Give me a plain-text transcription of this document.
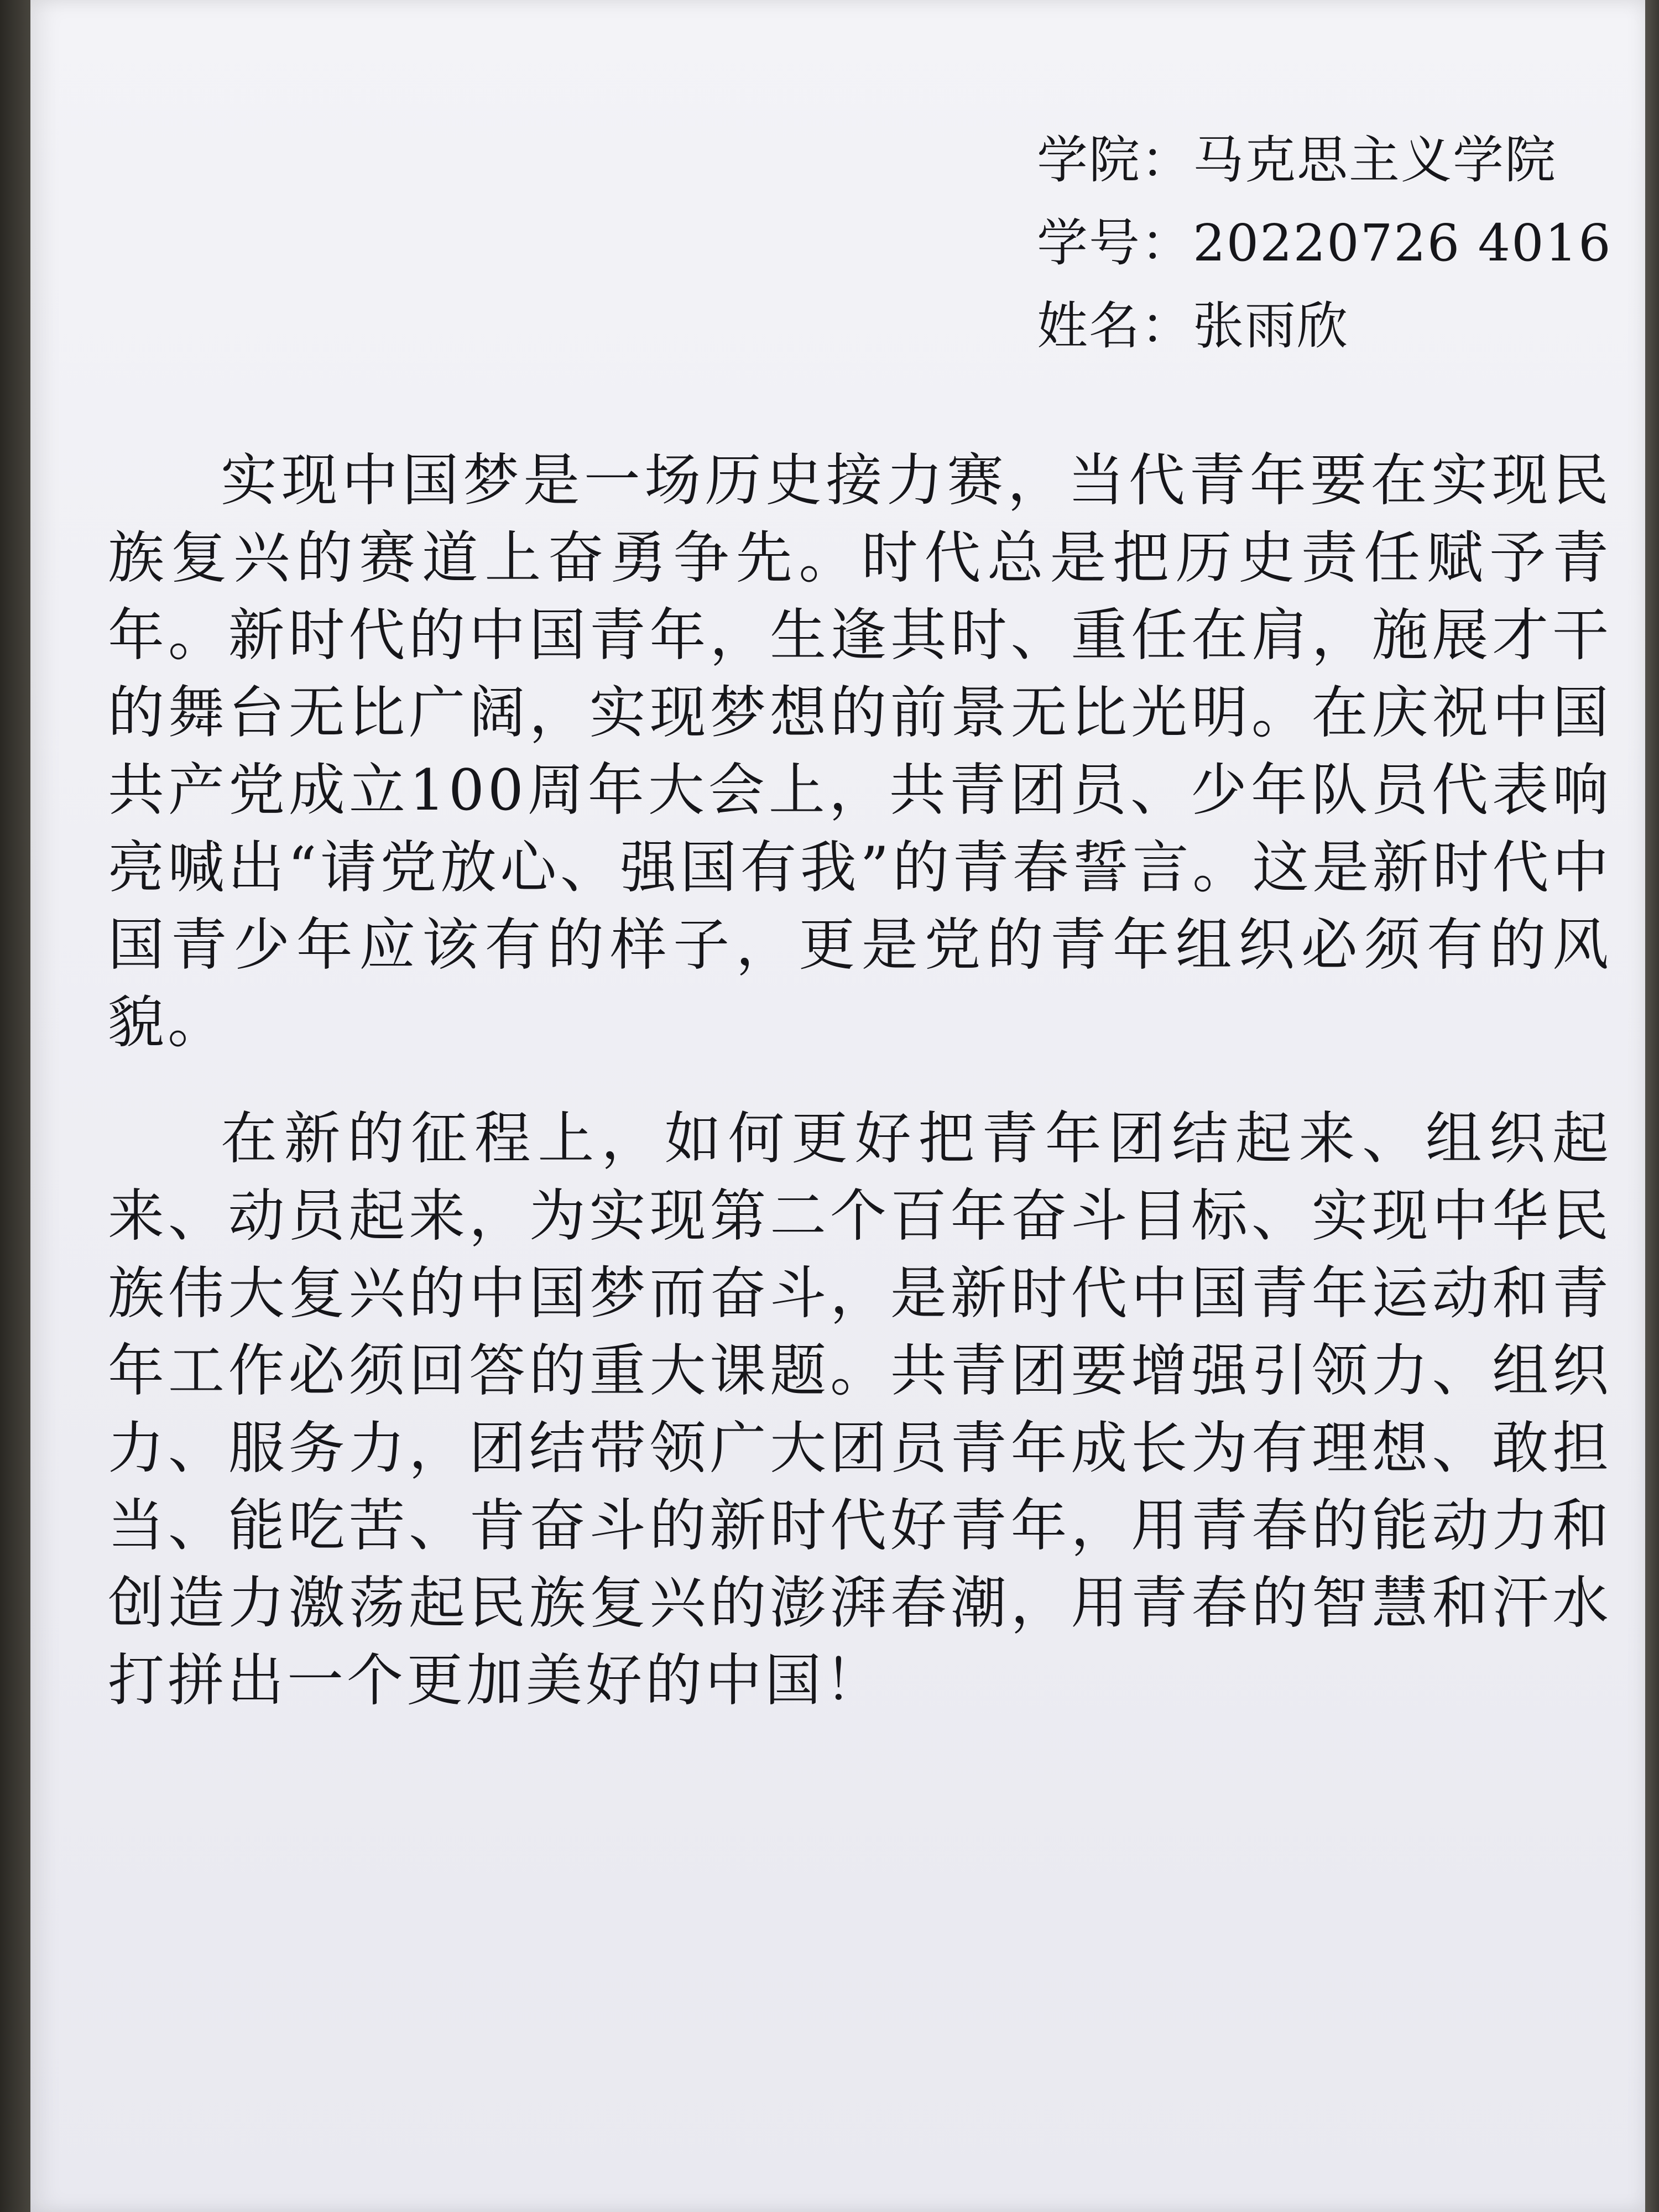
学院：马克思主义学院
学号：20220726 4016
姓名：张雨欣

实现中国梦是一场历史接力赛，当代青年要在实现民族复兴的赛道上奋勇争先。时代总是把历史责任赋予青年。新时代的中国青年，生逢其时、重任在肩，施展才干的舞台无比广阔，实现梦想的前景无比光明。在庆祝中国共产党成立100周年大会上，共青团员、少年队员代表响亮喊出“请党放心、强国有我”的青春誓言。这是新时代中国青少年应该有的样子，更是党的青年组织必须有的风貌。

在新的征程上，如何更好把青年团结起来、组织起来、动员起来，为实现第二个百年奋斗目标、实现中华民族伟大复兴的中国梦而奋斗，是新时代中国青年运动和青年工作必须回答的重大课题。共青团要增强引领力、组织力、服务力，团结带领广大团员青年成长为有理想、敢担当、能吃苦、肯奋斗的新时代好青年，用青春的能动力和创造力激荡起民族复兴的澎湃春潮，用青春的智慧和汗水打拼出一个更加美好的中国！
